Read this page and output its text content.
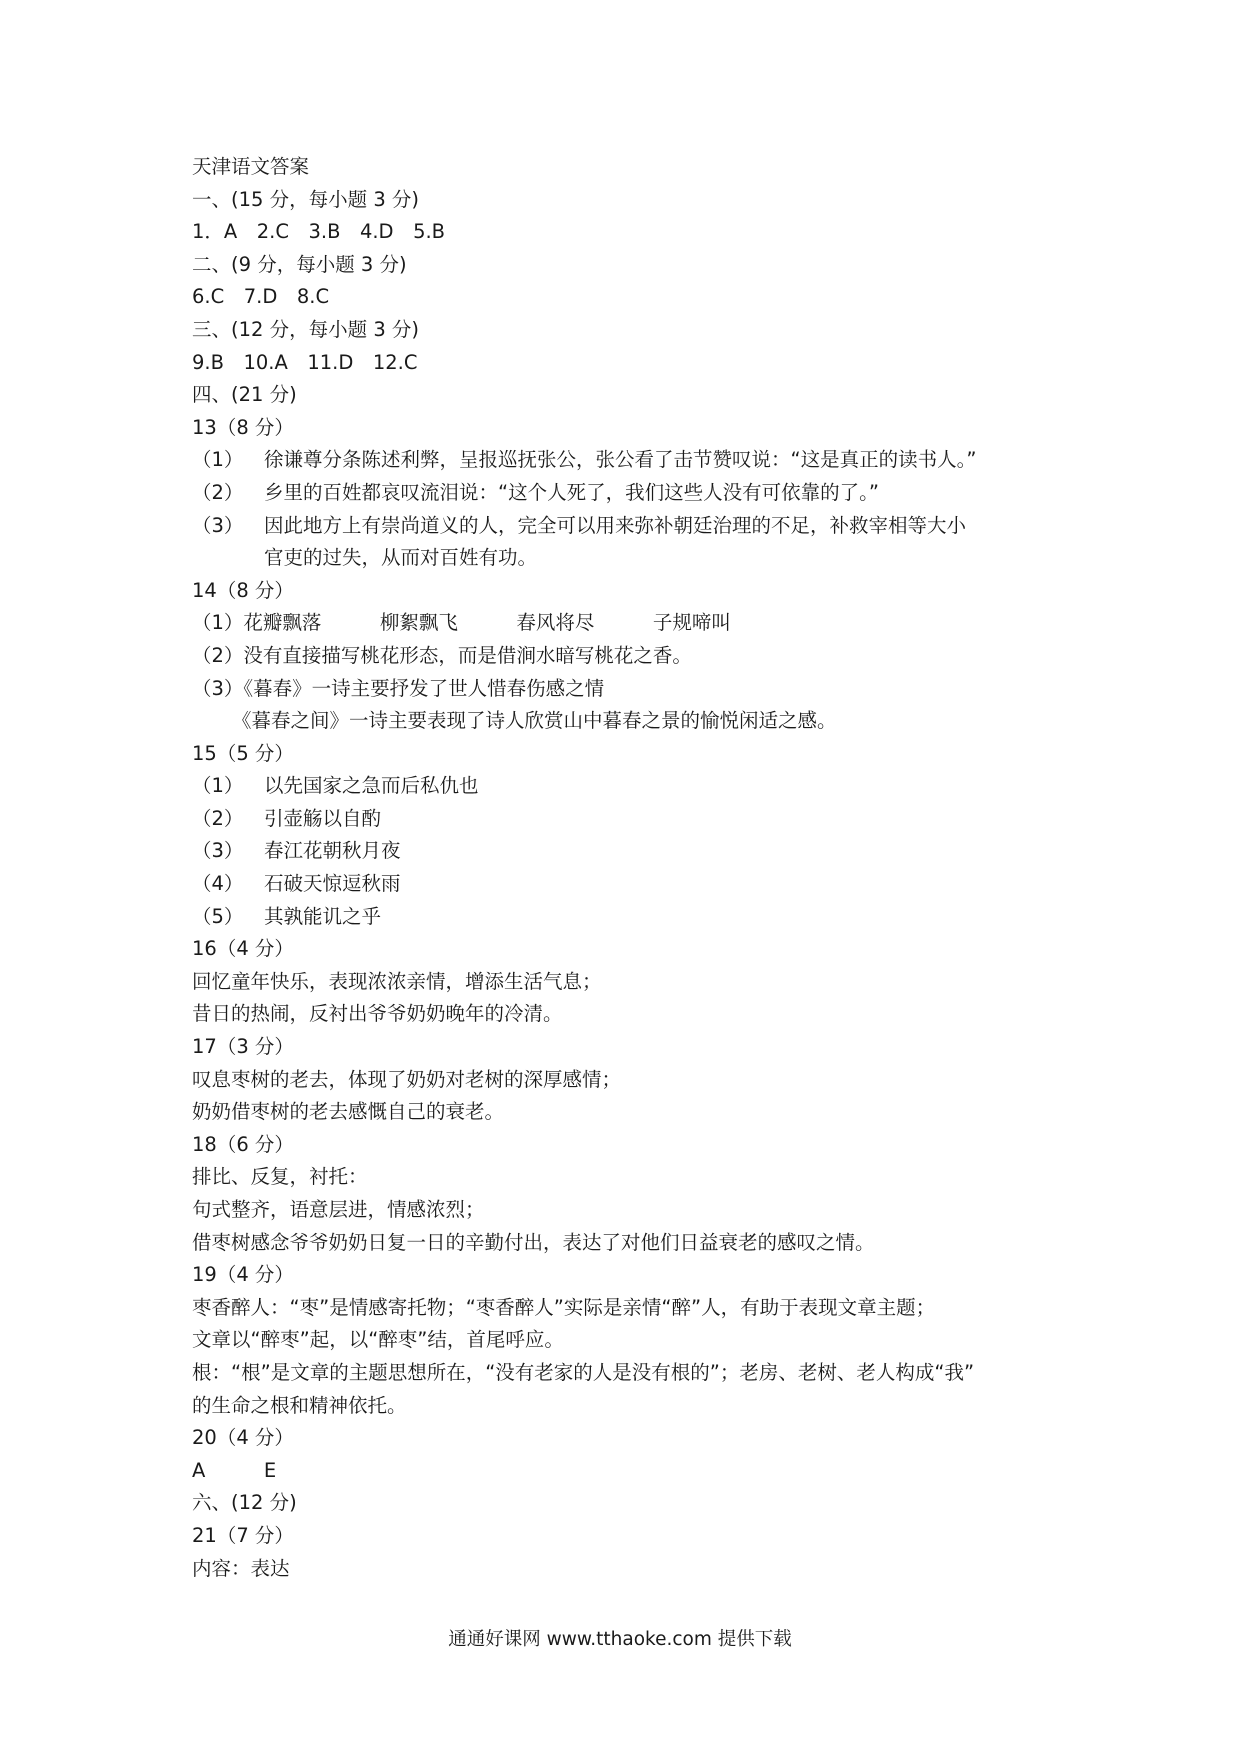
天津语文答案
一、(15 分，每小题 3 分)
1．A　2.C　3.B　4.D　5.B
二、(9 分，每小题 3 分)
6.C　7.D　8.C
三、(12 分，每小题 3 分)
9.B　10.A　11.D　12.C
四、(21 分)
13（8 分）
（1） 徐谦尊分条陈述利弊，呈报巡抚张公，张公看了击节赞叹说：“这是真正的读书人。”
（2） 乡里的百姓都哀叹流泪说：“这个人死了，我们这些人没有可依靠的了。”
（3） 因此地方上有崇尚道义的人，完全可以用来弥补朝廷治理的不足，补救宰相等大小
官吏的过失，从而对百姓有功。
14（8 分）
（1）花瓣飘落　　　柳絮飘飞　　　春风将尽　　　子规啼叫
（2）没有直接描写桃花形态，而是借涧水暗写桃花之香。
（3）《暮春》一诗主要抒发了世人惜春伤感之情
《暮春之间》一诗主要表现了诗人欣赏山中暮春之景的愉悦闲适之感。
15（5 分）
（1） 以先国家之急而后私仇也
（2） 引壶觞以自酌
（3） 春江花朝秋月夜
（4） 石破天惊逗秋雨
（5） 其孰能讥之乎
16（4 分）
回忆童年快乐，表现浓浓亲情，增添生活气息；
昔日的热闹，反衬出爷爷奶奶晚年的冷清。
17（3 分）
叹息枣树的老去，体现了奶奶对老树的深厚感情；
奶奶借枣树的老去感慨自己的衰老。
18（6 分）
排比、反复，衬托：
句式整齐，语意层进，情感浓烈；
借枣树感念爷爷奶奶日复一日的辛勤付出，表达了对他们日益衰老的感叹之情。
19（4 分）
枣香醉人：“枣”是情感寄托物；“枣香醉人”实际是亲情“醉”人，有助于表现文章主题；
文章以“醉枣”起，以“醉枣”结，首尾呼应。
根：“根”是文章的主题思想所在，“没有老家的人是没有根的”；老房、老树、老人构成“我”
的生命之根和精神依托。
20（4 分）
A　　　E
六、(12 分)
21（7 分）
内容：表达
通通好课网 www.tthaoke.com 提供下载
